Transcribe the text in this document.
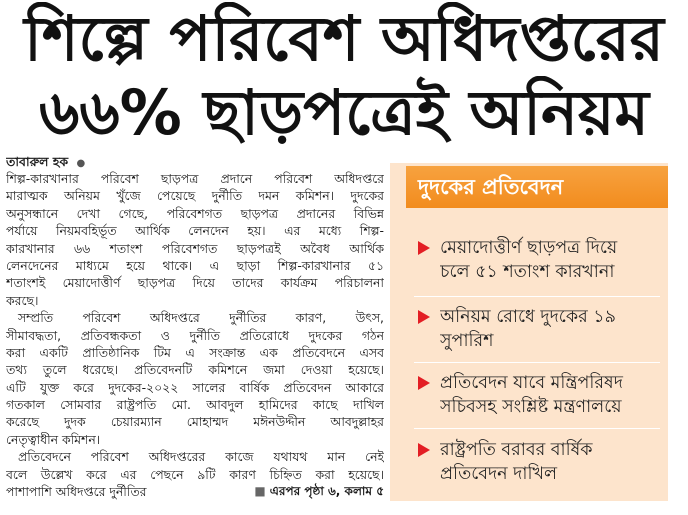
শিল্পে পরিবেশ অধিদপ্তরের
৬৬% ছাড়পত্রেই অনিয়ম
তাবারুল হক ●
শিল্প-কারখানার পরিবেশ ছাড়পত্র প্রদানে পরিবেশ অধিদপ্তরে
মারাত্মক অনিয়ম খুঁজে পেয়েছে দুর্নীতি দমন কমিশন। দুদকের
অনুসন্ধানে দেখা গেছে, পরিবেশগত ছাড়পত্র প্রদানের বিভিন্ন
পর্যায়ে নিয়মবহির্ভূত আর্থিক লেনদেন হয়। এর মধ্যে শিল্প-
কারখানার ৬৬ শতাংশ পরিবেশগত ছাড়পত্রই অবৈধ আর্থিক
লেনদেনের মাধ্যমে হয়ে থাকে। এ ছাড়া শিল্প-কারখানার ৫১
শতাংশই মেয়াদোত্তীর্ণ ছাড়পত্র দিয়ে তাদের কার্যক্রম পরিচালনা
করছে।
সম্প্রতি পরিবেশ অধিদপ্তরে দুর্নীতির কারণ, উৎস,
সীমাবদ্ধতা, প্রতিবন্ধকতা ও দুর্নীতি প্রতিরোধে দুদকের গঠন
করা একটি প্রাতিষ্ঠানিক টিম এ সংক্রান্ত এক প্রতিবেদনে এসব
তথ্য তুলে ধরেছে। প্রতিবেদনটি কমিশনে জমা দেওয়া হয়েছে।
এটি যুক্ত করে দুদকের-২০২২ সালের বার্ষিক প্রতিবেদন আকারে
গতকাল সোমবার রাষ্ট্রপতি মো. আবদুল হামিদের কাছে দাখিল
করেছে দুদক চেয়ারম্যান মোহাম্মদ মঈনউদ্দীন আবদুল্লাহর
নেতৃত্বাধীন কমিশন।
প্রতিবেদনে পরিবেশ অধিদপ্তরের কাজে যথাযথ মান নেই
বলে উল্লেখ করে এর পেছনে ৯টি কারণ চিহ্নিত করা হয়েছে।
পাশাপাশি অধিদপ্তরে দুর্নীতির	■ এরপর পৃষ্ঠা ৬, কলাম ৫
দুদকের প্রতিবেদন
মেয়াদোত্তীর্ণ ছাড়পত্র দিয়ে
চলে ৫১ শতাংশ কারখানা
অনিয়ম রোধে দুদকের ১৯
সুপারিশ
প্রতিবেদন যাবে মন্ত্রিপরিষদ
সচিবসহ সংশ্লিষ্ট মন্ত্রণালয়ে
রাষ্ট্রপতি বরাবর বার্ষিক
প্রতিবেদন দাখিল
